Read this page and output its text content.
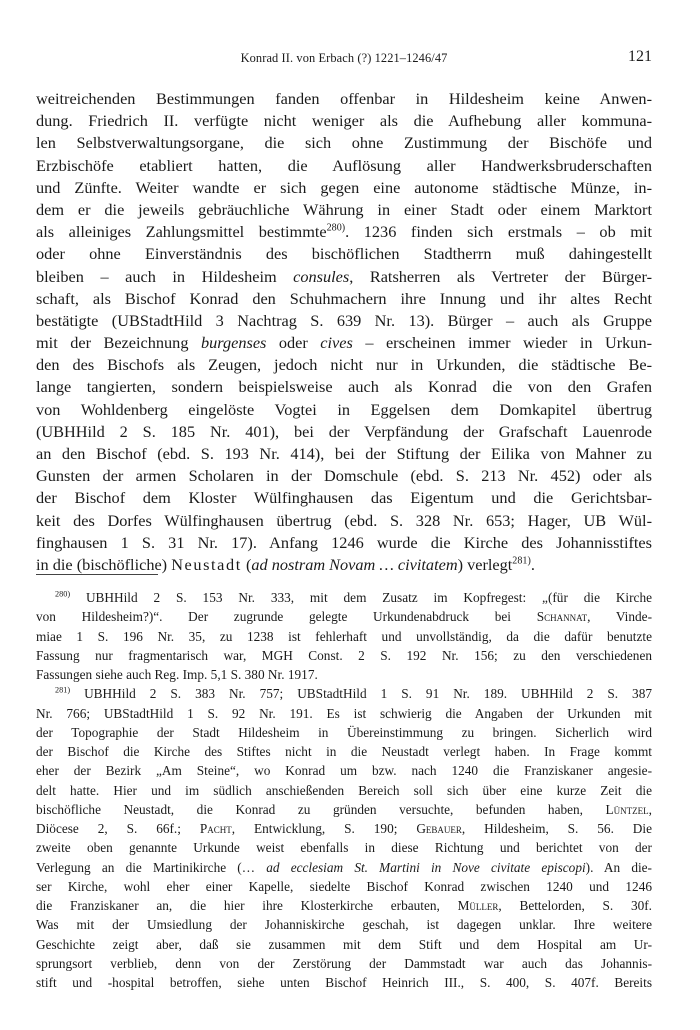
Konrad II. von Erbach (?) 1221–1246/47	121
weitreichenden Bestimmungen fanden offenbar in Hildesheim keine Anwen-
dung. Friedrich II. verfügte nicht weniger als die Aufhebung aller kommuna-
len Selbstverwaltungsorgane, die sich ohne Zustimmung der Bischöfe und
Erzbischöfe etabliert hatten, die Auflösung aller Handwerksbruderschaften
und Zünfte. Weiter wandte er sich gegen eine autonome städtische Münze, in-
dem er die jeweils gebräuchliche Währung in einer Stadt oder einem Marktort
als alleiniges Zahlungsmittel bestimmte$^{280)}$. 1236 finden sich erstmals – ob mit
oder ohne Einverständnis des bischöflichen Stadtherrn muß dahingestellt
bleiben – auch in Hildesheim consules, Ratsherren als Vertreter der Bürger-
schaft, als Bischof Konrad den Schuhmachern ihre Innung und ihr altes Recht
bestätigte (UBStadtHild 3 Nachtrag S. 639 Nr. 13). Bürger – auch als Gruppe
mit der Bezeichnung burgenses oder cives – erscheinen immer wieder in Urkun-
den des Bischofs als Zeugen, jedoch nicht nur in Urkunden, die städtische Be-
lange tangierten, sondern beispielsweise auch als Konrad die von den Grafen
von Wohldenberg eingelöste Vogtei in Eggelsen dem Domkapitel übertrug
(UBHHild 2 S. 185 Nr. 401), bei der Verpfändung der Grafschaft Lauenrode
an den Bischof (ebd. S. 193 Nr. 414), bei der Stiftung der Eilika von Mahner zu
Gunsten der armen Scholaren in der Domschule (ebd. S. 213 Nr. 452) oder als
der Bischof dem Kloster Wülfinghausen das Eigentum und die Gerichtsbar-
keit des Dorfes Wülfinghausen übertrug (ebd. S. 328 Nr. 653; Hager, UB Wül-
finghausen 1 S. 31 Nr. 17). Anfang 1246 wurde die Kirche des Johannisstiftes
in die (bischöfliche) Neustadt (ad nostram Novam … civitatem) verlegt$^{281)}$.
$^{280)}$ UBHHild 2 S. 153 Nr. 333, mit dem Zusatz im Kopfregest: „(für die Kirche
von Hildesheim?)“. Der zugrunde gelegte Urkundenabdruck bei Schannat, Vinde-
miae 1 S. 196 Nr. 35, zu 1238 ist fehlerhaft und unvollständig, da die dafür benutzte
Fassung nur fragmentarisch war, MGH Const. 2 S. 192 Nr. 156; zu den verschiedenen
Fassungen siehe auch Reg. Imp. 5,1 S. 380 Nr. 1917.
$^{281)}$ UBHHild 2 S. 383 Nr. 757; UBStadtHild 1 S. 91 Nr. 189. UBHHild 2 S. 387
Nr. 766; UBStadtHild 1 S. 92 Nr. 191. Es ist schwierig die Angaben der Urkunden mit
der Topographie der Stadt Hildesheim in Übereinstimmung zu bringen. Sicherlich wird
der Bischof die Kirche des Stiftes nicht in die Neustadt verlegt haben. In Frage kommt
eher der Bezirk „Am Steine“, wo Konrad um bzw. nach 1240 die Franziskaner angesie-
delt hatte. Hier und im südlich anschießenden Bereich soll sich über eine kurze Zeit die
bischöfliche Neustadt, die Konrad zu gründen versuchte, befunden haben, Lüntzel,
Diöcese 2, S. 66f.; Pacht, Entwicklung, S. 190; Gebauer, Hildesheim, S. 56. Die
zweite oben genannte Urkunde weist ebenfalls in diese Richtung und berichtet von der
Verlegung an die Martinikirche (… ad ecclesiam St. Martini in Nove civitate episcopi). An die-
ser Kirche, wohl eher einer Kapelle, siedelte Bischof Konrad zwischen 1240 und 1246
die Franziskaner an, die hier ihre Klosterkirche erbauten, Müller, Bettelorden, S. 30f.
Was mit der Umsiedlung der Johanniskirche geschah, ist dagegen unklar. Ihre weitere
Geschichte zeigt aber, daß sie zusammen mit dem Stift und dem Hospital am Ur-
sprungsort verblieb, denn von der Zerstörung der Dammstadt war auch das Johannis-
stift und -hospital betroffen, siehe unten Bischof Heinrich III., S. 400, S. 407f. Bereits
